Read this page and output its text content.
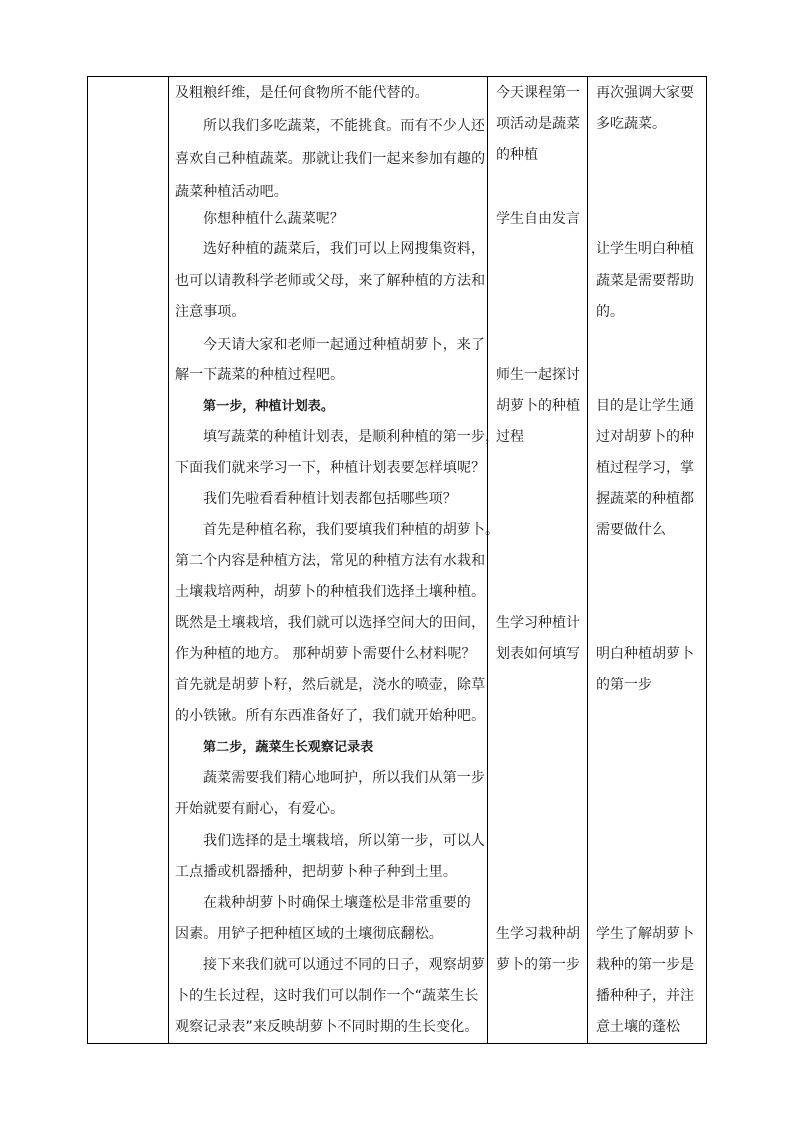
及粗粮纤维，是任何食物所不能代替的。
所以我们多吃蔬菜，不能挑食。而有不少人还
喜欢自己种植蔬菜。那就让我们一起来参加有趣的
蔬菜种植活动吧。
你想种植什么蔬菜呢？
选好种植的蔬菜后，我们可以上网搜集资料，
也可以请教科学老师或父母，来了解种植的方法和
注意事项。
今天请大家和老师一起通过种植胡萝卜，来了
解一下蔬菜的种植过程吧。
第一步，种植计划表。
填写蔬菜的种植计划表，是顺利种植的第一步，
下面我们就来学习一下，种植计划表要怎样填呢？
我们先啦看看种植计划表都包括哪些项？
首先是种植名称，我们要填我们种植的胡萝卜。
第二个内容是种植方法，常见的种植方法有水栽和
土壤栽培两种，胡萝卜的种植我们选择土壤种植。
既然是土壤栽培，我们就可以选择空间大的田间，
作为种植的地方。 那种胡萝卜需要什么材料呢？
首先就是胡萝卜籽，然后就是，浇水的喷壶，除草
的小铁锹。所有东西准备好了，我们就开始种吧。
第二步，蔬菜生长观察记录表
蔬菜需要我们精心地呵护，所以我们从第一步
开始就要有耐心，有爱心。
我们选择的是土壤栽培，所以第一步，可以人
工点播或机器播种，把胡萝卜种子种到土里。
在栽种胡萝卜时确保土壤蓬松是非常重要的
因素。用铲子把种植区域的土壤彻底翻松。
接下来我们就可以通过不同的日子，观察胡萝
卜的生长过程，这时我们可以制作一个“蔬菜生长
观察记录表”来反映胡萝卜不同时期的生长变化。
今天课程第一
项活动是蔬菜
的种植
学生自由发言
师生一起探讨
胡萝卜的种植
过程
生学习种植计
划表如何填写
生学习栽种胡
萝卜的第一步
再次强调大家要
多吃蔬菜。
让学生明白种植
蔬菜是需要帮助
的。
目的是让学生通
过对胡萝卜的种
植过程学习，掌
握蔬菜的种植都
需要做什么
明白种植胡萝卜
的第一步
学生了解胡萝卜
栽种的第一步是
播种种子，并注
意土壤的蓬松
